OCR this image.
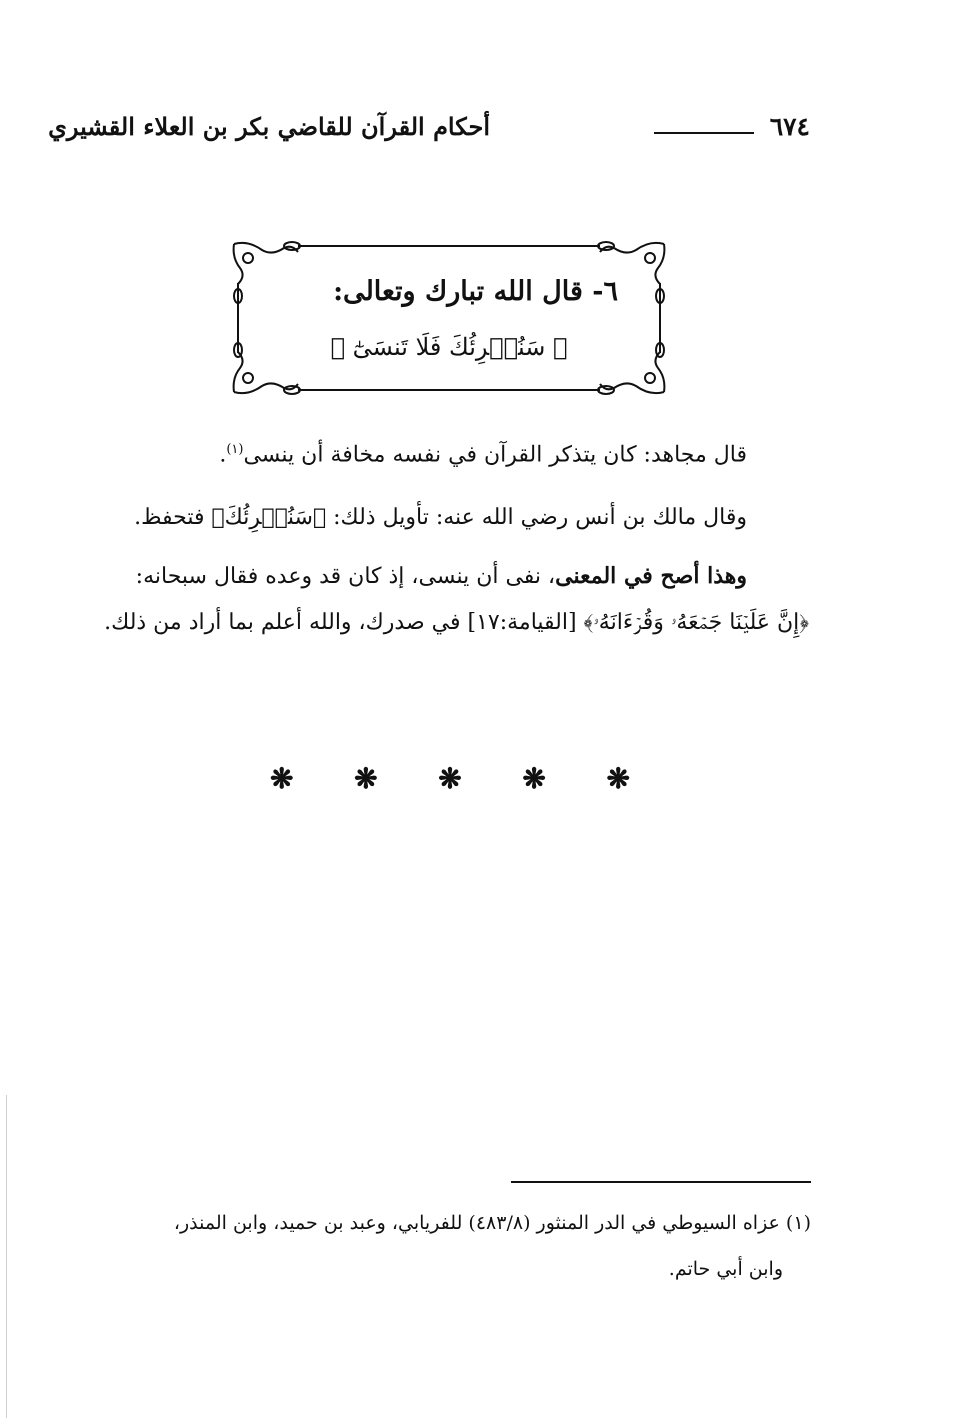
٦٧٤
أحكام القرآن للقاضي بكر بن العلاء القشيري
٦- قال الله تبارك وتعالى:
﴿ سَنُقۡرِئُكَ فَلَا تَنسَىٰٓ ﴾
قال مجاهد: كان يتذكر القرآن في نفسه مخافة أن ينسى$^{(١)}$.
وقال مالك بن أنس رضي الله عنه: تأويل ذلك: ﴿سَنُقۡرِئُكَ﴾ فتحفظ.
وهذا أصح في المعنى، نفى أن ينسى، إذ كان قد وعده فقال سبحانه:
﴿إِنَّ عَلَيۡنَا جَمۡعَهُۥ وَقُرۡءَانَهُۥ﴾ [القيامة:١٧] في صدرك، والله أعلم بما أراد من ذلك.
❋ ❋ ❋ ❋ ❋
(١) عزاه السيوطي في الدر المنثور (٤٨٣/٨) للفريابي، وعبد بن حميد، وابن المنذر،
وابن أبي حاتم.
